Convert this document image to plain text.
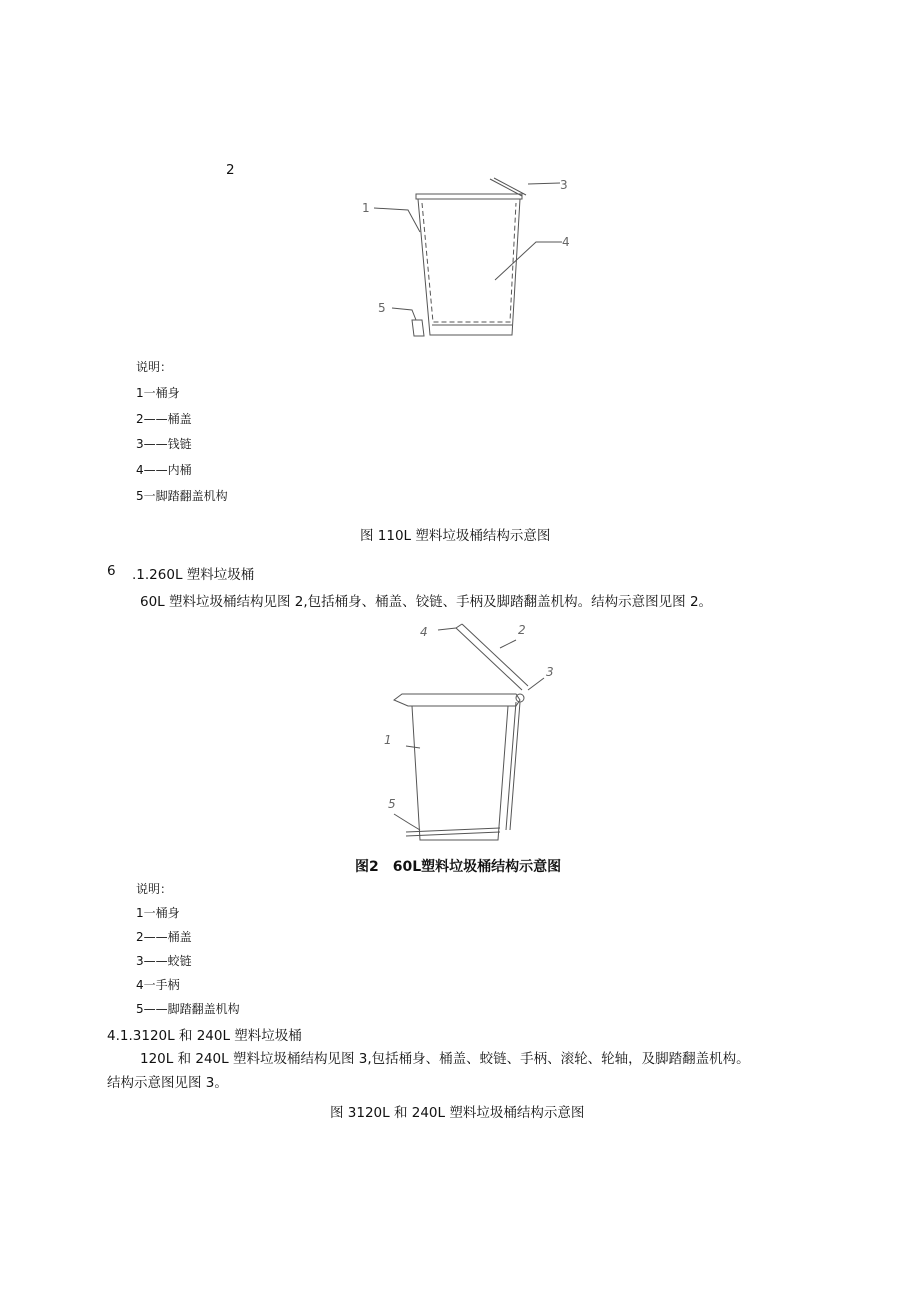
2
1
3
4
5
说明：
1一桶身
2——桶盖
3——钱链
4——内桶
5一脚踏翻盖机构
图 110L 塑料垃圾桶结构示意图
6 .1.260L 塑料垃圾桶
60L 塑料垃圾桶结构见图 2,包括桶身、桶盖、铰链、手柄及脚踏翻盖机构。结构示意图见图 2。
4	2
3
1
5
图2　60L塑料垃圾桶结构示意图
说明：
1一桶身
2——桶盖
3——蛟链
4一手柄
5——脚踏翻盖机构
4.1.3120L 和 240L 塑料垃圾桶
120L 和 240L 塑料垃圾桶结构见图 3,包括桶身、桶盖、蛟链、手柄、滚轮、轮轴，及脚踏翻盖机构。
结构示意图见图 3。
图 3120L 和 240L 塑料垃圾桶结构示意图
